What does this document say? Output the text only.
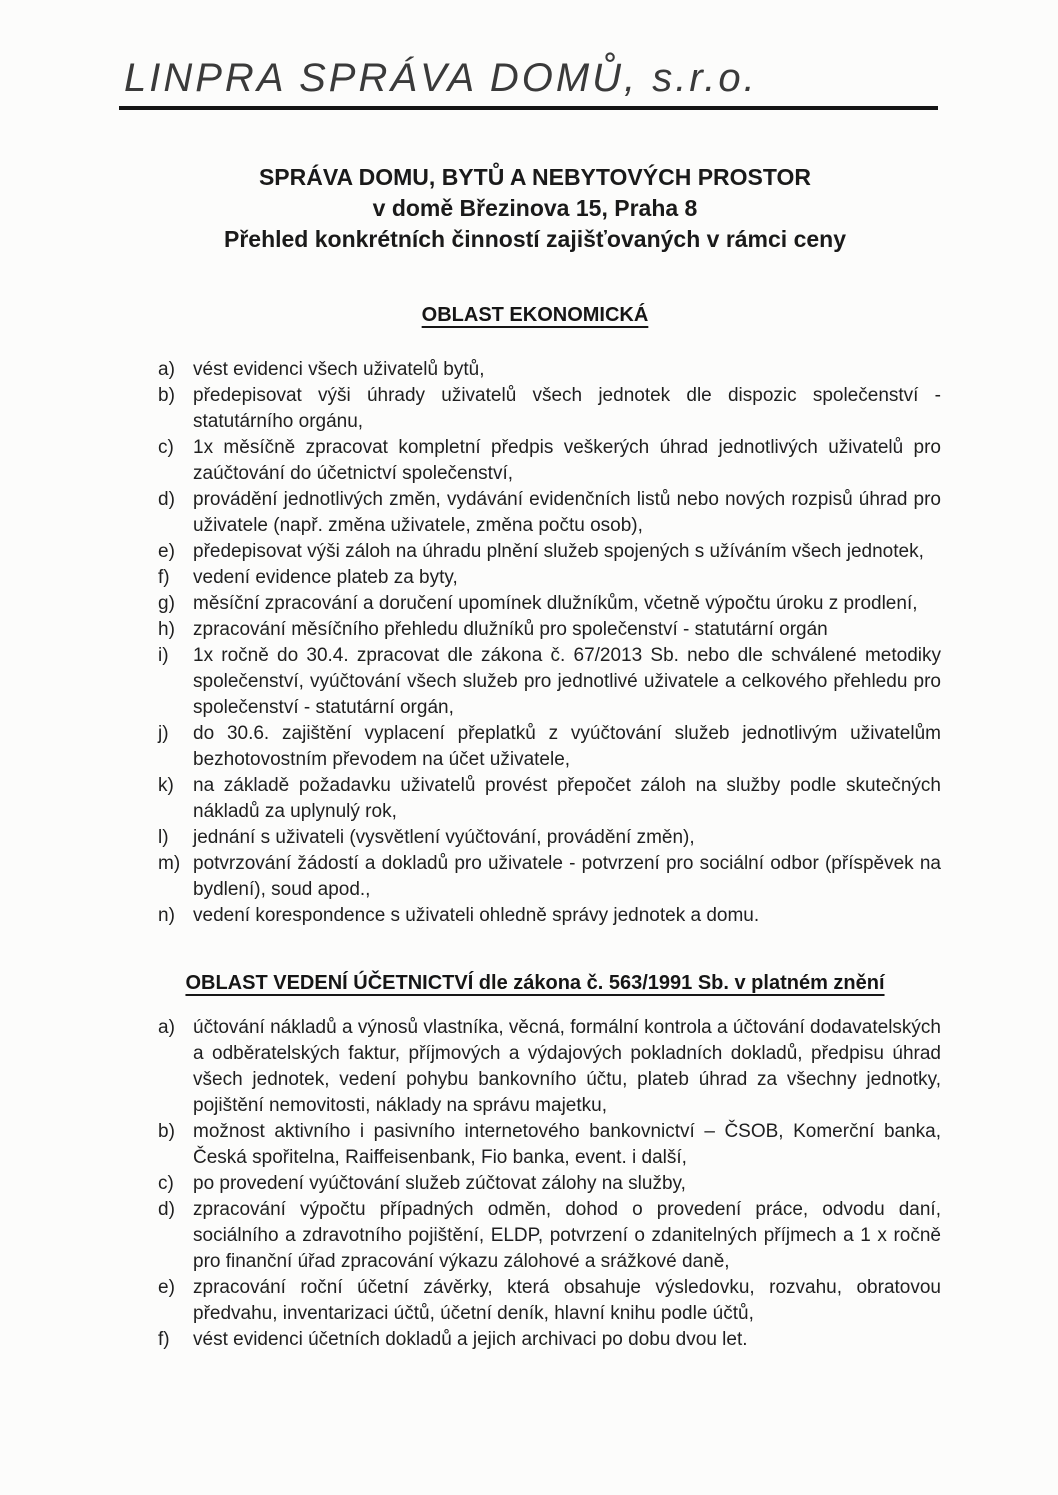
LINPRA SPRÁVA DOMŮ, s.r.o.
SPRÁVA DOMU, BYTŮ A NEBYTOVÝCH PROSTOR
v domě Březinova 15, Praha 8
Přehled konkrétních činností zajišťovaných v rámci ceny
OBLAST EKONOMICKÁ
a) vést evidenci všech uživatelů bytů,
b) předepisovat výši úhrady uživatelů všech jednotek dle dispozic společenství - statutárního orgánu,
c)	1x měsíčně zpracovat kompletní předpis veškerých úhrad jednotlivých uživatelů pro zaúčtování do účetnictví společenství,
d) provádění jednotlivých změn, vydávání evidenčních listů nebo nových rozpisů úhrad pro uživatele (např. změna uživatele, změna počtu osob),
e) předepisovat výši záloh na úhradu plnění služeb spojených s užíváním všech jednotek,
f)	vedení evidence plateb za byty,
g) měsíční zpracování a doručení upomínek dlužníkům, včetně výpočtu úroku z prodlení,
h) zpracování měsíčního přehledu dlužníků pro společenství - statutární orgán
i)	1x ročně do 30.4. zpracovat dle zákona č. 67/2013 Sb. nebo dle schválené metodiky společenství, vyúčtování všech služeb pro jednotlivé uživatele a celkového přehledu pro společenství - statutární orgán,
j)	do 30.6. zajištění vyplacení přeplatků z vyúčtování služeb jednotlivým uživatelům bezhotovostním převodem na účet uživatele,
k)	na základě požadavku uživatelů provést přepočet záloh na služby podle skutečných nákladů za uplynulý rok,
l)	jednání s uživateli (vysvětlení vyúčtování, provádění změn),
m) potvrzování žádostí a dokladů pro uživatele - potvrzení pro sociální odbor (příspěvek na bydlení), soud apod.,
n) vedení korespondence s uživateli ohledně správy jednotek a domu.
OBLAST VEDENÍ ÚČETNICTVÍ dle zákona č. 563/1991 Sb. v platném znění
a) účtování nákladů a výnosů vlastníka, věcná, formální kontrola a účtování dodavatelských a odběratelských faktur, příjmových a výdajových pokladních dokladů, předpisu úhrad všech jednotek, vedení pohybu bankovního účtu, plateb úhrad za všechny jednotky, pojištění nemovitosti, náklady na správu majetku,
b) možnost aktivního i pasivního internetového bankovnictví – ČSOB, Komerční banka, Česká spořitelna, Raiffeisenbank, Fio banka, event. i další,
c)	po provedení vyúčtování služeb zúčtovat zálohy na služby,
d) zpracování výpočtu případných odměn, dohod o provedení práce, odvodu daní, sociálního a zdravotního pojištění, ELDP, potvrzení o zdanitelných příjmech a 1 x ročně pro finanční úřad zpracování výkazu zálohové a srážkové daně,
e) zpracování roční účetní závěrky, která obsahuje výsledovku, rozvahu, obratovou předvahu, inventarizaci účtů, účetní deník, hlavní knihu podle účtů,
f)	vést evidenci účetních dokladů a jejich archivaci po dobu dvou let.
